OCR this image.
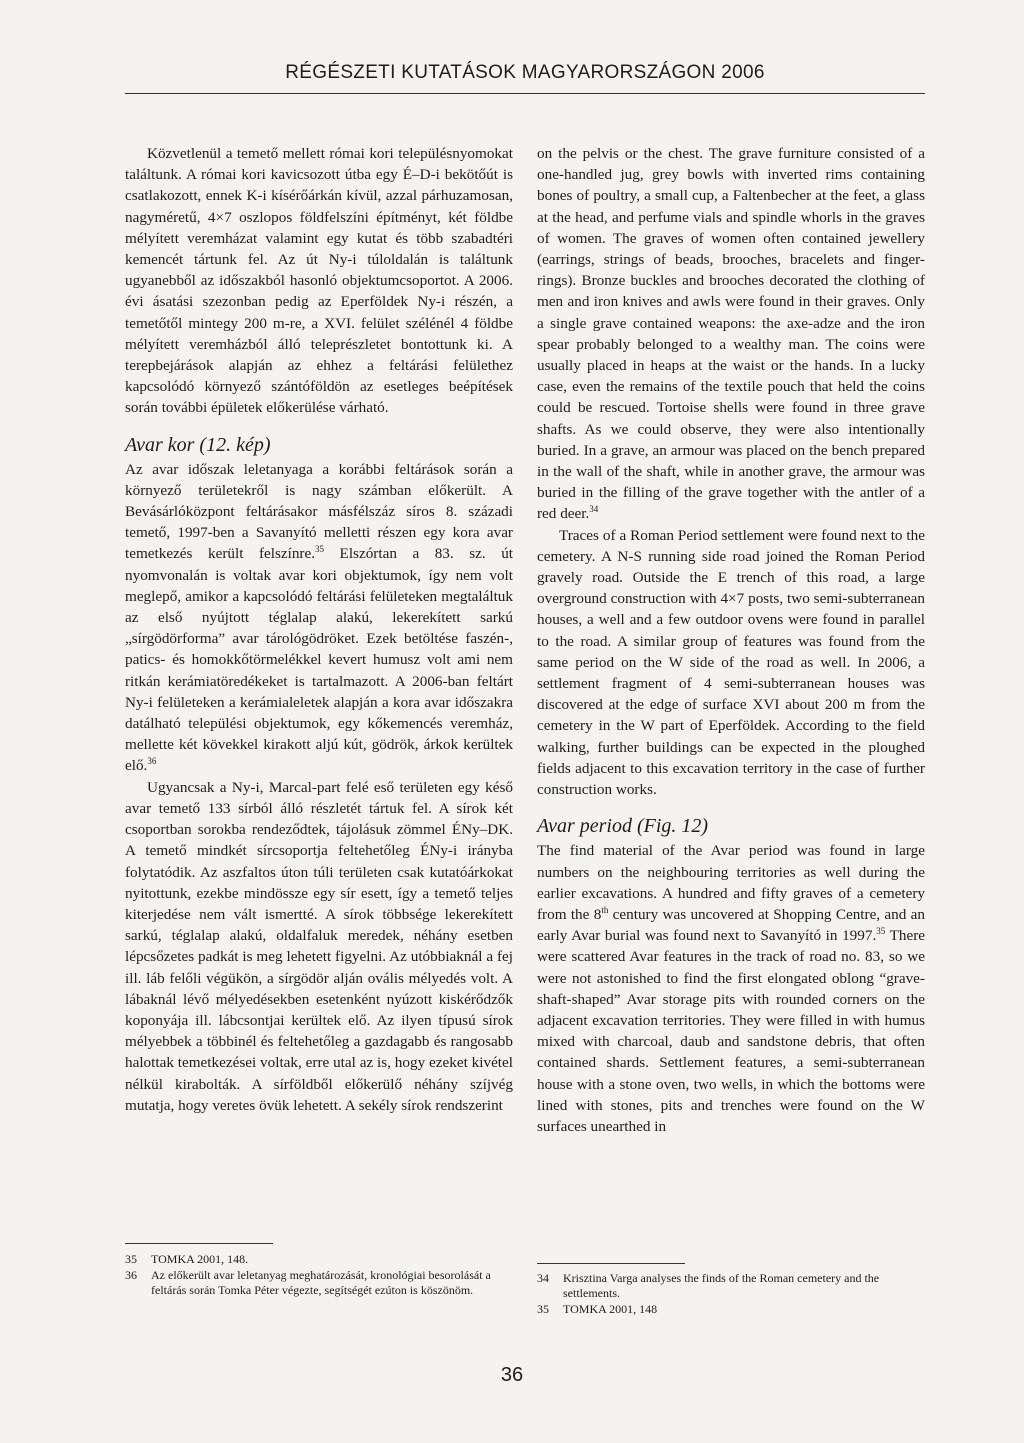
RÉGÉSZETI KUTATÁSOK MAGYARORSZÁGON 2006

Közvetlenül a temető mellett római kori településnyomokat találtunk. A római kori kavicsozott útba egy É–D-i bekötőút is csatlakozott, ennek K-i kísérőárkán kívül, azzal párhuzamosan, nagyméretű, 4×7 oszlopos földfelszíni építményt, két földbe mélyített veremházat valamint egy kutat és több szabadtéri kemencét tártunk fel. Az út Ny-i túloldalán is találtunk ugyanebből az időszakból hasonló objektumcsoportot. A 2006. évi ásatási szezonban pedig az Eperföldek Ny-i részén, a temetőtől mintegy 200 m-re, a XVI. felület szélénél 4 földbe mélyített veremházból álló teleprészletet bontottunk ki. A terepbejárások alapján az ehhez a feltárási felülethez kapcsolódó környező szántóföldön az esetleges beépítések során további épületek előkerülése várható.

Avar kor (12. kép)

Az avar időszak leletanyaga a korábbi feltárások során a környező területekről is nagy számban előkerült. A Bevásárlóközpont feltárásakor másfélszáz síros 8. századi temető, 1997-ben a Savanyító melletti részen egy kora avar temetkezés került felszínre.$^{35}$ Elszórtan a 83. sz. út nyomvonalán is voltak avar kori objektumok, így nem volt meglepő, amikor a kapcsolódó feltárási felületeken megtaláltuk az első nyújtott téglalap alakú, lekerekített sarkú „sírgödörforma” avar tárológödröket. Ezek betöltése faszén-, patics- és homokkőtörmelékkel kevert humusz volt ami nem ritkán kerámiatöredékeket is tartalmazott. A 2006-ban feltárt Ny-i felületeken a kerámialeletek alapján a kora avar időszakra datálható települési objektumok, egy kőkemencés veremház, mellette két kövekkel kirakott aljú kút, gödrök, árkok kerültek elő.$^{36}$

Ugyancsak a Ny-i, Marcal-part felé eső területen egy késő avar temető 133 sírból álló részletét tártuk fel. A sírok két csoportban sorokba rendeződtek, tájolásuk zömmel ÉNy–DK. A temető mindkét sírcsoportja feltehetőleg ÉNy-i irányba folytatódik. Az aszfaltos úton túli területen csak kutatóárkokat nyitottunk, ezekbe mindössze egy sír esett, így a temető teljes kiterjedése nem vált ismertté. A sírok többsége lekerekített sarkú, téglalap alakú, oldalfaluk meredek, néhány esetben lépcsőzetes padkát is meg lehetett figyelni. Az utóbbiaknál a fej ill. láb felőli végükön, a sírgödör alján ovális mélyedés volt. A lábaknál lévő mélyedésekben esetenként nyúzott kiskérődzők koponyája ill. lábcsontjai kerültek elő. Az ilyen típusú sírok mélyebbek a többinél és feltehetőleg a gazdagabb és rangosabb halottak temetkezései voltak, erre utal az is, hogy ezeket kivétel nélkül kirabolták. A sírföldből előkerülő néhány szíjvég mutatja, hogy veretes övük lehetett. A sekély sírok rendszerint

on the pelvis or the chest. The grave furniture consisted of a one-handled jug, grey bowls with inverted rims containing bones of poultry, a small cup, a Faltenbecher at the feet, a glass at the head, and perfume vials and spindle whorls in the graves of women. The graves of women often contained jewellery (earrings, strings of beads, brooches, bracelets and finger-rings). Bronze buckles and brooches decorated the clothing of men and iron knives and awls were found in their graves. Only a single grave contained weapons: the axe-adze and the iron spear probably belonged to a wealthy man. The coins were usually placed in heaps at the waist or the hands. In a lucky case, even the remains of the textile pouch that held the coins could be rescued. Tortoise shells were found in three grave shafts. As we could observe, they were also intentionally buried. In a grave, an armour was placed on the bench prepared in the wall of the shaft, while in another grave, the armour was buried in the filling of the grave together with the antler of a red deer.$^{34}$

Traces of a Roman Period settlement were found next to the cemetery. A N-S running side road joined the Roman Period gravely road. Outside the E trench of this road, a large overground construction with 4×7 posts, two semi-subterranean houses, a well and a few outdoor ovens were found in parallel to the road. A similar group of features was found from the same period on the W side of the road as well. In 2006, a settlement fragment of 4 semi-subterranean houses was discovered at the edge of surface XVI about 200 m from the cemetery in the W part of Eperföldek. According to the field walking, further buildings can be expected in the ploughed fields adjacent to this excavation territory in the case of further construction works.

Avar period (Fig. 12)

The find material of the Avar period was found in large numbers on the neighbouring territories as well during the earlier excavations. A hundred and fifty graves of a cemetery from the 8th century was uncovered at Shopping Centre, and an early Avar burial was found next to Savanyító in 1997.35 There were scattered Avar features in the track of road no. 83, so we were not astonished to find the first elongated oblong “grave-shaft-shaped” Avar storage pits with rounded corners on the adjacent excavation territories. They were filled in with humus mixed with charcoal, daub and sandstone debris, that often contained shards. Settlement features, a semi-subterranean house with a stone oven, two wells, in which the bottoms were lined with stones, pits and trenches were found on the W surfaces unearthed in

35	TOMKA 2001, 148.
36	Az előkerült avar leletanyag meghatározását, kronológiai besorolását a feltárás során Tomka Péter végezte, segítségét ezúton is köszönöm.
34	Krisztina Varga analyses the finds of the Roman cemetery and the settlements.
35	TOMKA 2001, 148
36
